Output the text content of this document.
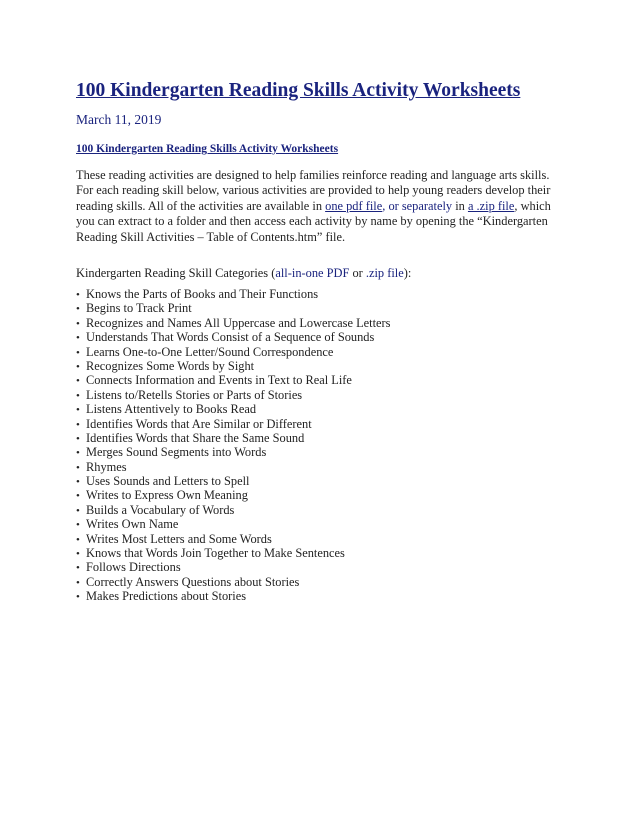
100 Kindergarten Reading Skills Activity Worksheets
March 11, 2019
100 Kindergarten Reading Skills Activity Worksheets

These reading activities are designed to help families reinforce reading and language arts skills. For each reading skill below, various activities are provided to help young readers develop their reading skills. All of the activities are available in one pdf file, or separately in a .zip file, which you can extract to a folder and then access each activity by name by opening the “Kindergarten Reading Skill Activities – Table of Contents.htm” file.

Kindergarten Reading Skill Categories (all-in-one PDF or .zip file):
• Knows the Parts of Books and Their Functions
• Begins to Track Print
• Recognizes and Names All Uppercase and Lowercase Letters
• Understands That Words Consist of a Sequence of Sounds
• Learns One-to-One Letter/Sound Correspondence
• Recognizes Some Words by Sight
• Connects Information and Events in Text to Real Life
• Listens to/Retells Stories or Parts of Stories
• Listens Attentively to Books Read
• Identifies Words that Are Similar or Different
• Identifies Words that Share the Same Sound
• Merges Sound Segments into Words
• Rhymes
• Uses Sounds and Letters to Spell
• Writes to Express Own Meaning
• Builds a Vocabulary of Words
• Writes Own Name
• Writes Most Letters and Some Words
• Knows that Words Join Together to Make Sentences
• Follows Directions
• Correctly Answers Questions about Stories
• Makes Predictions about Stories
